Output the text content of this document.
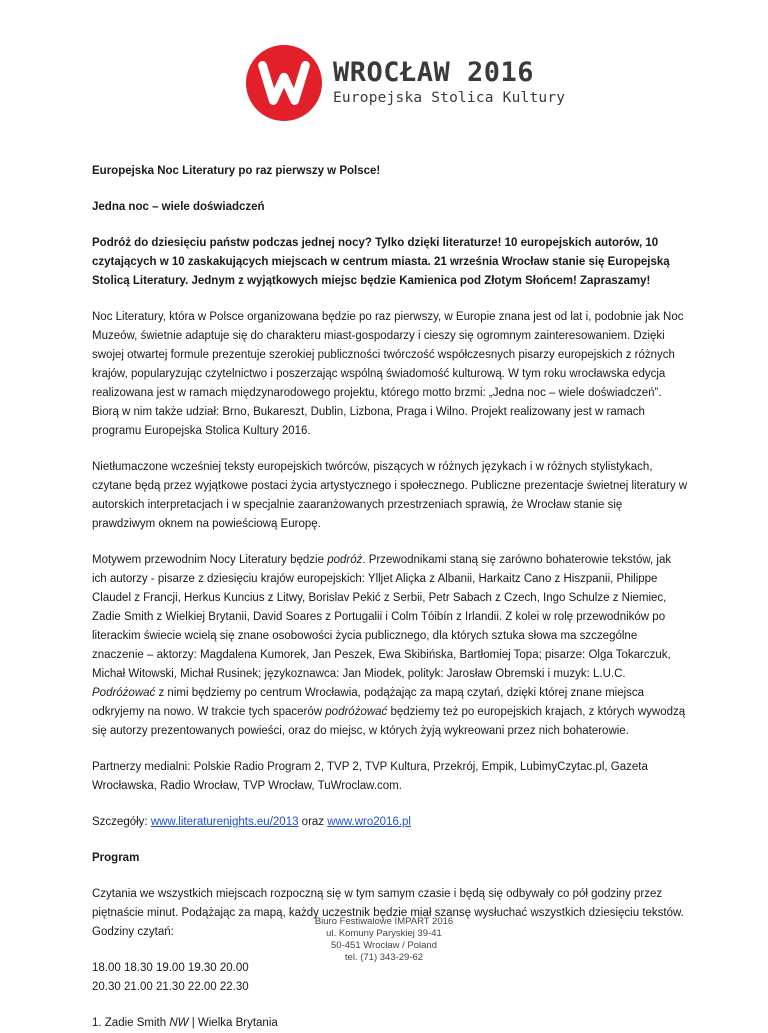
WROCŁAW 2016
Europejska Stolica Kultury

Europejska Noc Literatury po raz pierwszy w Polsce!

Jedna noc – wiele doświadczeń

Podróż do dziesięciu państw podczas jednej nocy? Tylko dzięki literaturze! 10 europejskich autorów, 10 czytających w 10 zaskakujących miejscach w centrum miasta. 21 września Wrocław stanie się Europejską Stolicą Literatury. Jednym z wyjątkowych miejsc będzie Kamienica pod Złotym Słońcem! Zapraszamy!

Noc Literatury, która w Polsce organizowana będzie po raz pierwszy, w Europie znana jest od lat i, podobnie jak Noc Muzeów, świetnie adaptuje się do charakteru miast-gospodarzy i cieszy się ogromnym zainteresowaniem. Dzięki swojej otwartej formule prezentuje szerokiej publiczności twórczość współczesnych pisarzy europejskich z różnych krajów, popularyzując czytelnictwo i poszerzając wspólną świadomość kulturową. W tym roku wrocławska edycja realizowana jest w ramach międzynarodowego projektu, którego motto brzmi: „Jedna noc – wiele doświadczeń”. Biorą w nim także udział: Brno, Bukareszt, Dublin, Lizbona, Praga i Wilno. Projekt realizowany jest w ramach programu Europejska Stolica Kultury 2016.

Nietłumaczone wcześniej teksty europejskich twórców, piszących w różnych językach i w różnych stylistykach, czytane będą przez wyjątkowe postaci życia artystycznego i społecznego. Publiczne prezentacje świetnej literatury w autorskich interpretacjach i w specjalnie zaaranżowanych przestrzeniach sprawią, że Wrocław stanie się prawdziwym oknem na powieściową Europę.

Motywem przewodnim Nocy Literatury będzie podróż. Przewodnikami staną się zarówno bohaterowie tekstów, jak ich autorzy - pisarze z dziesięciu krajów europejskich: Ylljet Aliçka z Albanii, Harkaitz Cano z Hiszpanii, Philippe Claudel z Francji, Herkus Kuncius z Litwy, Borislav Pekić z Serbii, Petr Sabach z Czech, Ingo Schulze z Niemiec, Zadie Smith z Wielkiej Brytanii, David Soares z Portugalii i Colm Tóibín z Irlandii. Z kolei w rolę przewodników po literackim świecie wcielą się znane osobowości życia publicznego, dla których sztuka słowa ma szczególne znaczenie – aktorzy: Magdalena Kumorek, Jan Peszek, Ewa Skibińska, Bartłomiej Topa; pisarze: Olga Tokarczuk, Michał Witowski, Michał Rusinek; językoznawca: Jan Miodek, polityk: Jarosław Obremski i muzyk: L.U.C. Podróżować z nimi będziemy po centrum Wrocławia, podążając za mapą czytań, dzięki której znane miejsca odkryjemy na nowo. W trakcie tych spacerów podróżować będziemy też po europejskich krajach, z których wywodzą się autorzy prezentowanych powieści, oraz do miejsc, w których żyją wykreowani przez nich bohaterowie.

Partnerzy medialni: Polskie Radio Program 2, TVP 2, TVP Kultura, Przekrój, Empik, LubimyCzytac.pl, Gazeta Wrocławska, Radio Wrocław, TVP Wrocław, TuWroclaw.com.

Szczegóły: www.literaturenights.eu/2013 oraz www.wro2016.pl

Program

Czytania we wszystkich miejscach rozpoczną się w tym samym czasie i będą się odbywały co pół godziny przez piętnaście minut. Podążając za mapą, każdy uczestnik będzie miał szansę wysłuchać wszystkich dziesięciu tekstów. Godziny czytań:

18.00 18.30 19.00 19.30 20.00

20.30 21.00 21.30 22.00 22.30

1. Zadie Smith NW | Wielka Brytania

Biuro Festiwalowe IMPART 2016
ul. Komuny Paryskiej 39-41
50-451 Wrocław / Poland
tel. (71) 343-29-62
